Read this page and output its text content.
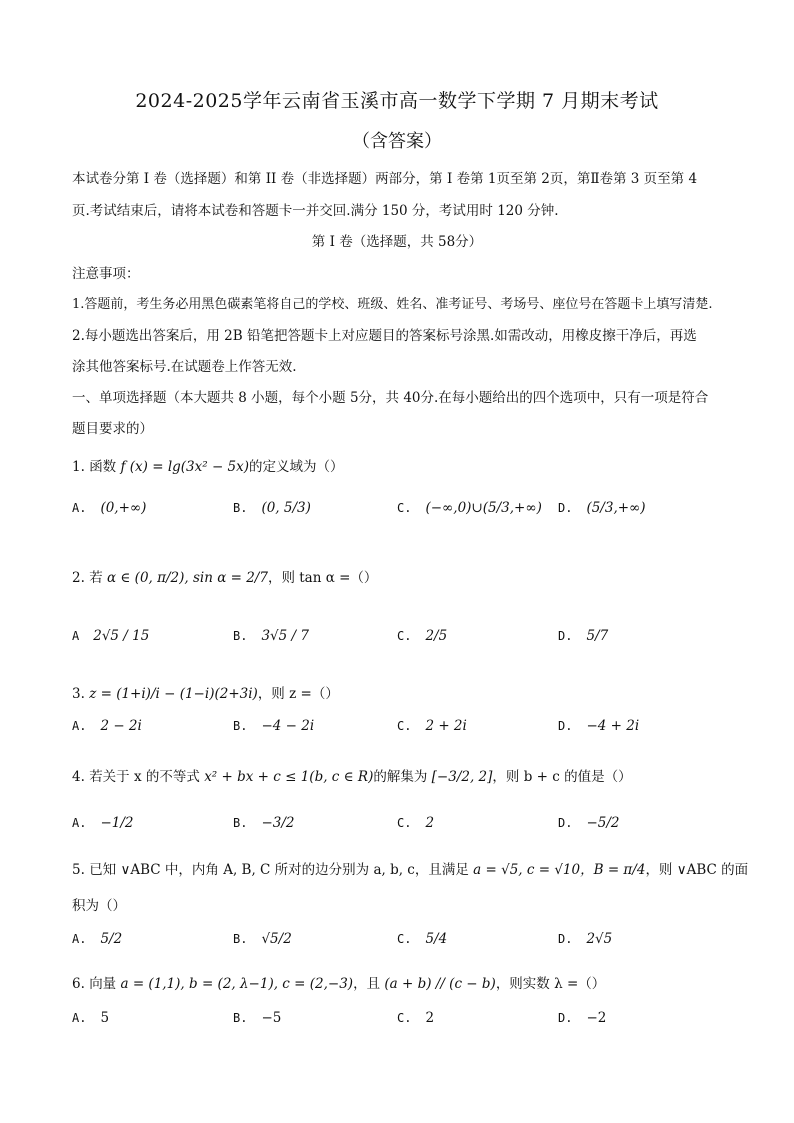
2024-2025学年云南省玉溪市高一数学下学期 7 月期末考试
（含答案）
本试卷分第 I 卷（选择题）和第 II 卷（非选择题）两部分，第 I 卷第 1页至第 2页，第Ⅱ卷第 3 页至第 4
页.考试结束后，请将本试卷和答题卡一并交回.满分 150 分，考试用时 120 分钟.
第 I 卷（选择题，共 58分）
注意事项：
1.答题前，考生务必用黑色碳素笔将自己的学校、班级、姓名、准考证号、考场号、座位号在答题卡上填写清楚.
2.每小题选出答案后，用 2B 铅笔把答题卡上对应题目的答案标号涂黑.如需改动，用橡皮擦干净后，再选
涂其他答案标号.在试题卷上作答无效.
一、单项选择题（本大题共 8 小题，每个小题 5分，共 40分.在每小题给出的四个选项中，只有一项是符合
题目要求的）
1. 函数 f (x) = lg(3x² − 5x)的定义域为（）
A. (0,+∞)	B. (0, 5/3)	C. (−∞,0)∪(5/3,+∞) D. (5/3,+∞)
2. 若 α ∈ (0, π/2), sin α = 2/7，则 tan α =（）
A 2√5 / 15	B. 3√5 / 7	C. 2/5	D. 5/7
3. z = (1+i)/i − (1−i)(2+3i)，则 z =（）
A. 2 − 2i	B. −4 − 2i	C. 2 + 2i	D. −4 + 2i
4. 若关于 x 的不等式 x² + bx + c ≤ 1(b, c ∈ R)的解集为 [−3/2, 2]，则 b + c 的值是（）
A. −1/2	B. −3/2	C. 2	D. −5/2
5. 已知 ∨ABC 中，内角 A, B, C 所对的边分别为 a, b, c，且满足 a = √5, c = √10，B = π/4，则 ∨ABC 的面
积为（）
A. 5/2	B. √5/2	C. 5/4	D. 2√5
6. 向量 a = (1,1), b = (2, λ−1), c = (2,−3)，且 (a + b) // (c − b)，则实数 λ =（）
A. 5	B. −5	C. 2	D. −2
